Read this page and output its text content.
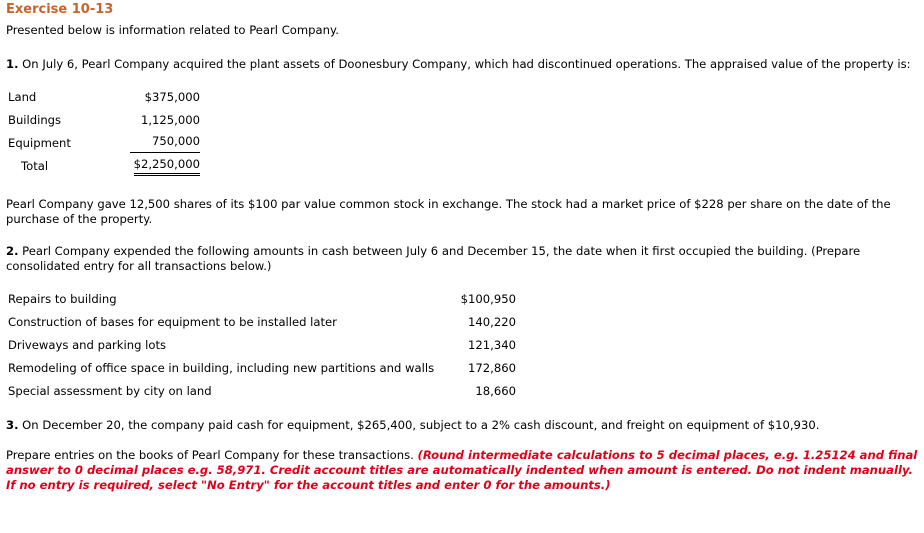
Exercise 10-13

Presented below is information related to Pearl Company.

1. On July 6, Pearl Company acquired the plant assets of Doonesbury Company, which had discontinued operations. The appraised value of the property is:

Land	$375,000
Buildings	1,125,000
Equipment	750,000
Total	$2,250,000

Pearl Company gave 12,500 shares of its $100 par value common stock in exchange. The stock had a market price of $228 per share on the date of the purchase of the property.

2. Pearl Company expended the following amounts in cash between July 6 and December 15, the date when it first occupied the building. (Prepare consolidated entry for all transactions below.)

Repairs to building	$100,950
Construction of bases for equipment to be installed later	140,220
Driveways and parking lots	121,340
Remodeling of office space in building, including new partitions and walls	172,860
Special assessment by city on land	18,660

3. On December 20, the company paid cash for equipment, $265,400, subject to a 2% cash discount, and freight on equipment of $10,930.

Prepare entries on the books of Pearl Company for these transactions. (Round intermediate calculations to 5 decimal places, e.g. 1.25124 and final answer to 0 decimal places e.g. 58,971. Credit account titles are automatically indented when amount is entered. Do not indent manually. If no entry is required, select "No Entry" for the account titles and enter 0 for the amounts.)
